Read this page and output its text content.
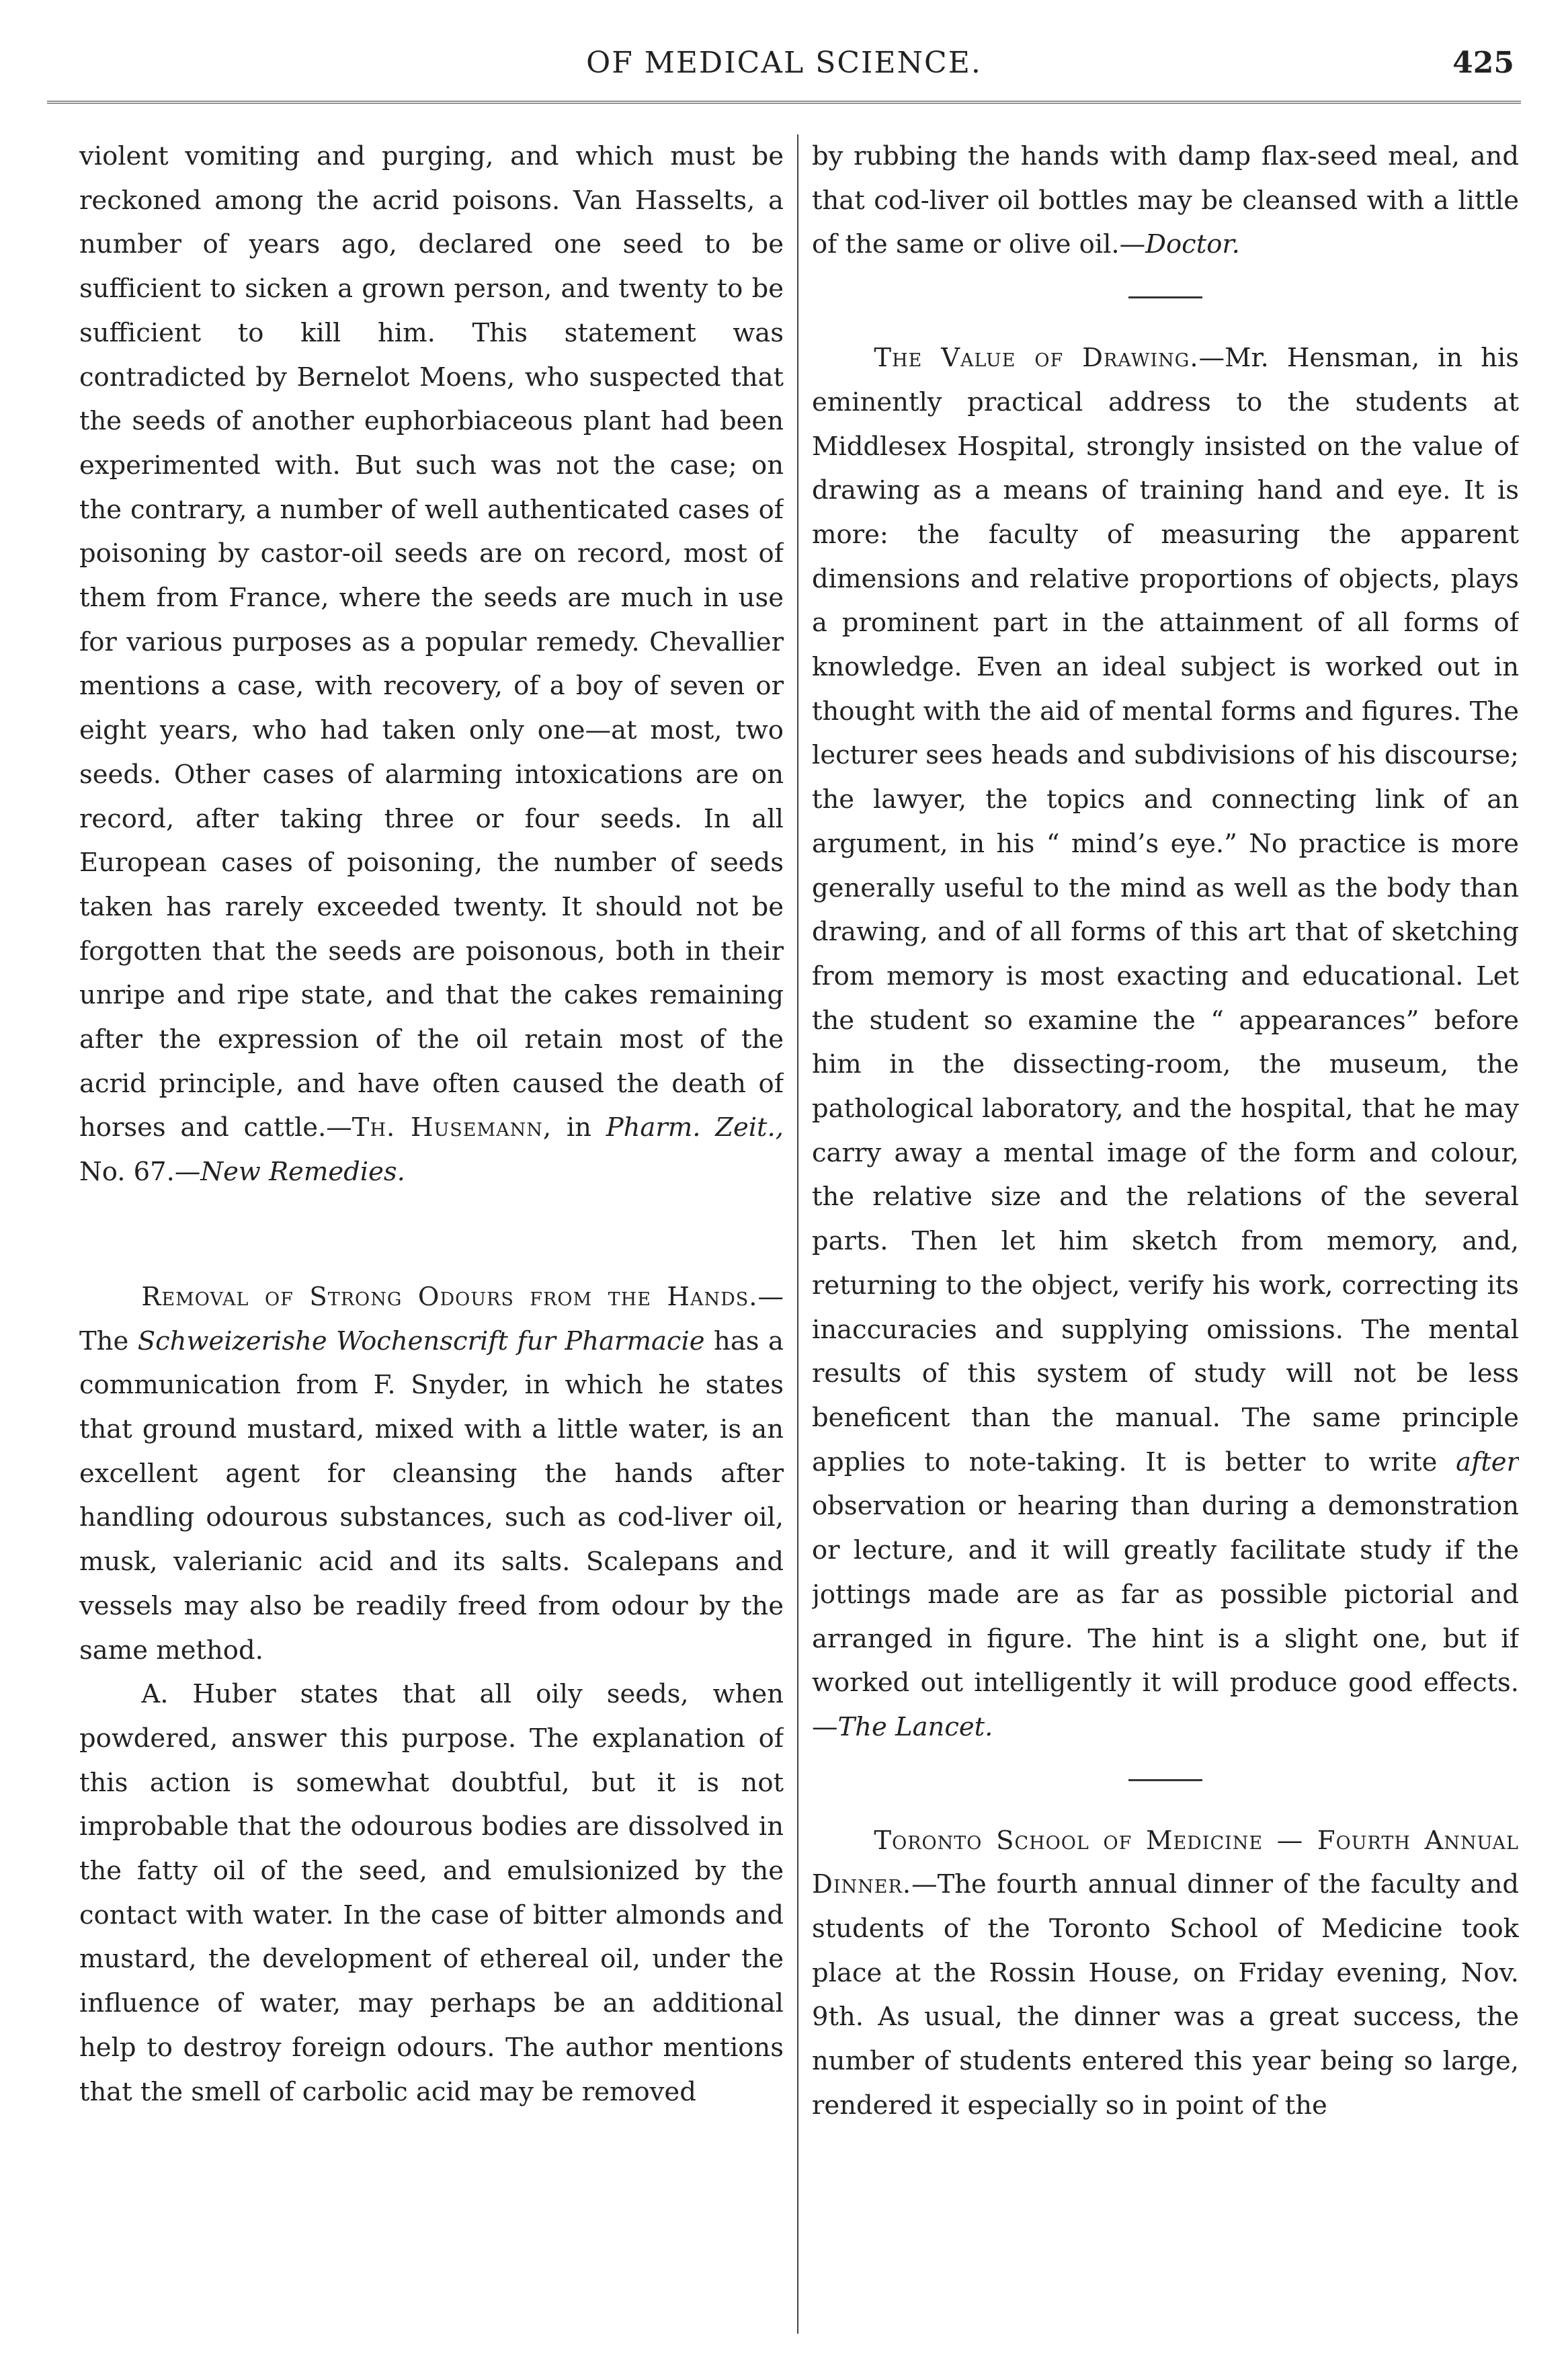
OF MEDICAL SCIENCE.	425

violent vomiting and purging, and which must be reckoned among the acrid poisons. Van Hasselts, a number of years ago, declared one seed to be sufficient to sicken a grown person, and twenty to be sufficient to kill him. This statement was contradicted by Bernelot Moens, who suspected that the seeds of another euphorbiaceous plant had been experimented with. But such was not the case; on the contrary, a number of well authenticated cases of poisoning by castor-oil seeds are on record, most of them from France, where the seeds are much in use for various purposes as a popular remedy. Chevallier mentions a case, with recovery, of a boy of seven or eight years, who had taken only one—at most, two seeds. Other cases of alarming intoxications are on record, after taking three or four seeds. In all European cases of poisoning, the number of seeds taken has rarely exceeded twenty. It should not be forgotten that the seeds are poisonous, both in their unripe and ripe state, and that the cakes remaining after the expression of the oil retain most of the acrid principle, and have often caused the death of horses and cattle.—Th. Husemann, in Pharm. Zeit., No. 67.—New Remedies.

Removal of Strong Odours from the Hands.—The Schweizerishe Wochenscrift fur Pharmacie has a communication from F. Snyder, in which he states that ground mustard, mixed with a little water, is an excellent agent for cleansing the hands after handling odourous substances, such as cod-liver oil, musk, valerianic acid and its salts. Scalepans and vessels may also be readily freed from odour by the same method.

A. Huber states that all oily seeds, when powdered, answer this purpose. The explanation of this action is somewhat doubtful, but it is not improbable that the odourous bodies are dissolved in the fatty oil of the seed, and emulsionized by the contact with water. In the case of bitter almonds and mustard, the development of ethereal oil, under the influence of water, may perhaps be an additional help to destroy foreign odours. The author mentions that the smell of carbolic acid may be removed

by rubbing the hands with damp flax-seed meal, and that cod-liver oil bottles may be cleansed with a little of the same or olive oil.—Doctor.

The Value of Drawing.—Mr. Hensman, in his eminently practical address to the students at Middlesex Hospital, strongly insisted on the value of drawing as a means of training hand and eye. It is more: the faculty of measuring the apparent dimensions and relative proportions of objects, plays a prominent part in the attainment of all forms of knowledge. Even an ideal subject is worked out in thought with the aid of mental forms and figures. The lecturer sees heads and subdivisions of his discourse; the lawyer, the topics and connecting link of an argument, in his “ mind’s eye.” No practice is more generally useful to the mind as well as the body than drawing, and of all forms of this art that of sketching from memory is most exacting and educational. Let the student so examine the “ appearances” before him in the dissecting-room, the museum, the pathological laboratory, and the hospital, that he may carry away a mental image of the form and colour, the relative size and the relations of the several parts. Then let him sketch from memory, and, returning to the object, verify his work, correcting its inaccuracies and supplying omissions. The mental results of this system of study will not be less beneficent than the manual. The same principle applies to note-taking. It is better to write after observation or hearing than during a demonstration or lecture, and it will greatly facilitate study if the jottings made are as far as possible pictorial and arranged in figure. The hint is a slight one, but if worked out intelligently it will produce good effects.—The Lancet.

Toronto School of Medicine — Fourth Annual Dinner.—The fourth annual dinner of the faculty and students of the Toronto School of Medicine took place at the Rossin House, on Friday evening, Nov. 9th. As usual, the dinner was a great success, the number of students entered this year being so large, rendered it especially so in point of the
